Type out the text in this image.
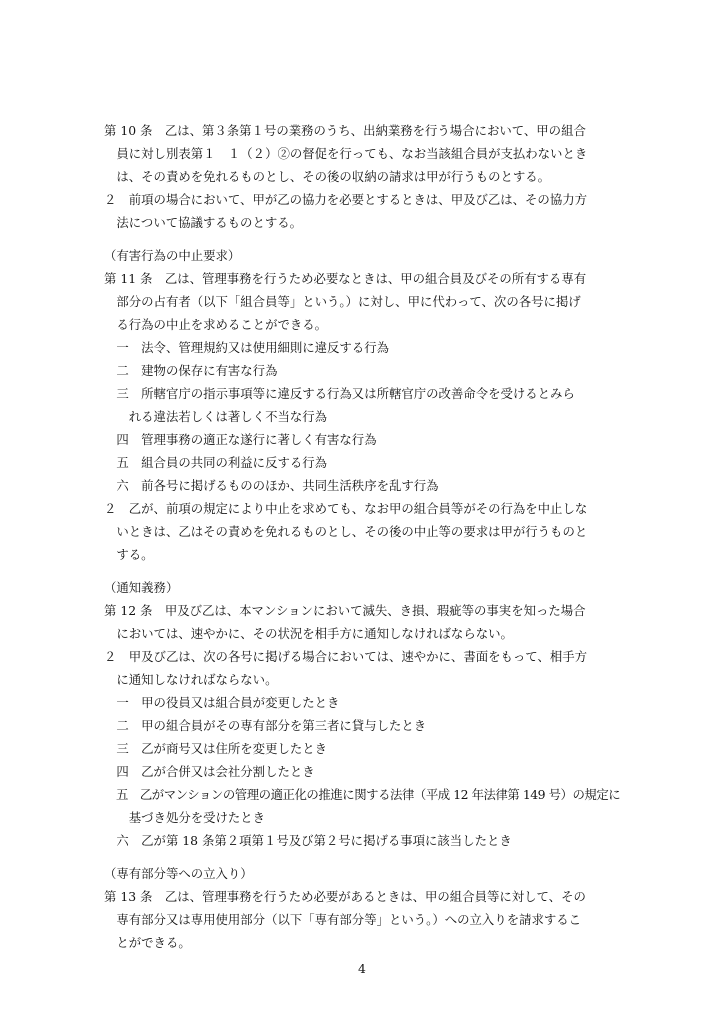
第 10 条　乙は、第３条第１号の業務のうち、出納業務を行う場合において、甲の組合
　員に対し別表第１　１（２）②の督促を行っても、なお当該組合員が支払わないとき
　は、その責めを免れるものとし、その後の収納の請求は甲が行うものとする。
２　前項の場合において、甲が乙の協力を必要とするときは、甲及び乙は、その協力方
　法について協議するものとする。
（有害行為の中止要求）
第 11 条　乙は、管理事務を行うため必要なときは、甲の組合員及びその所有する専有
　部分の占有者（以下「組合員等」という。）に対し、甲に代わって、次の各号に掲げ
　る行為の中止を求めることができる。
　一　法令、管理規約又は使用細則に違反する行為
　二　建物の保存に有害な行為
　三　所轄官庁の指示事項等に違反する行為又は所轄官庁の改善命令を受けるとみら
　　れる違法若しくは著しく不当な行為
　四　管理事務の適正な遂行に著しく有害な行為
　五　組合員の共同の利益に反する行為
　六　前各号に掲げるもののほか、共同生活秩序を乱す行為
２　乙が、前項の規定により中止を求めても、なお甲の組合員等がその行為を中止しな
　いときは、乙はその責めを免れるものとし、その後の中止等の要求は甲が行うものと
　する。
（通知義務）
第 12 条　甲及び乙は、本マンションにおいて滅失、き損、瑕疵等の事実を知った場合
　においては、速やかに、その状況を相手方に通知しなければならない。
２　甲及び乙は、次の各号に掲げる場合においては、速やかに、書面をもって、相手方
　に通知しなければならない。
　一　甲の役員又は組合員が変更したとき
　二　甲の組合員がその専有部分を第三者に貸与したとき
　三　乙が商号又は住所を変更したとき
　四　乙が合併又は会社分割したとき
　五　乙がマンションの管理の適正化の推進に関する法律（平成 12 年法律第 149 号）の規定に
　　基づき処分を受けたとき
　六　乙が第 18 条第２項第１号及び第２号に掲げる事項に該当したとき
（専有部分等への立入り）
第 13 条　乙は、管理事務を行うため必要があるときは、甲の組合員等に対して、その
　専有部分又は専用使用部分（以下「専有部分等」という。）への立入りを請求するこ
　とができる。
4
